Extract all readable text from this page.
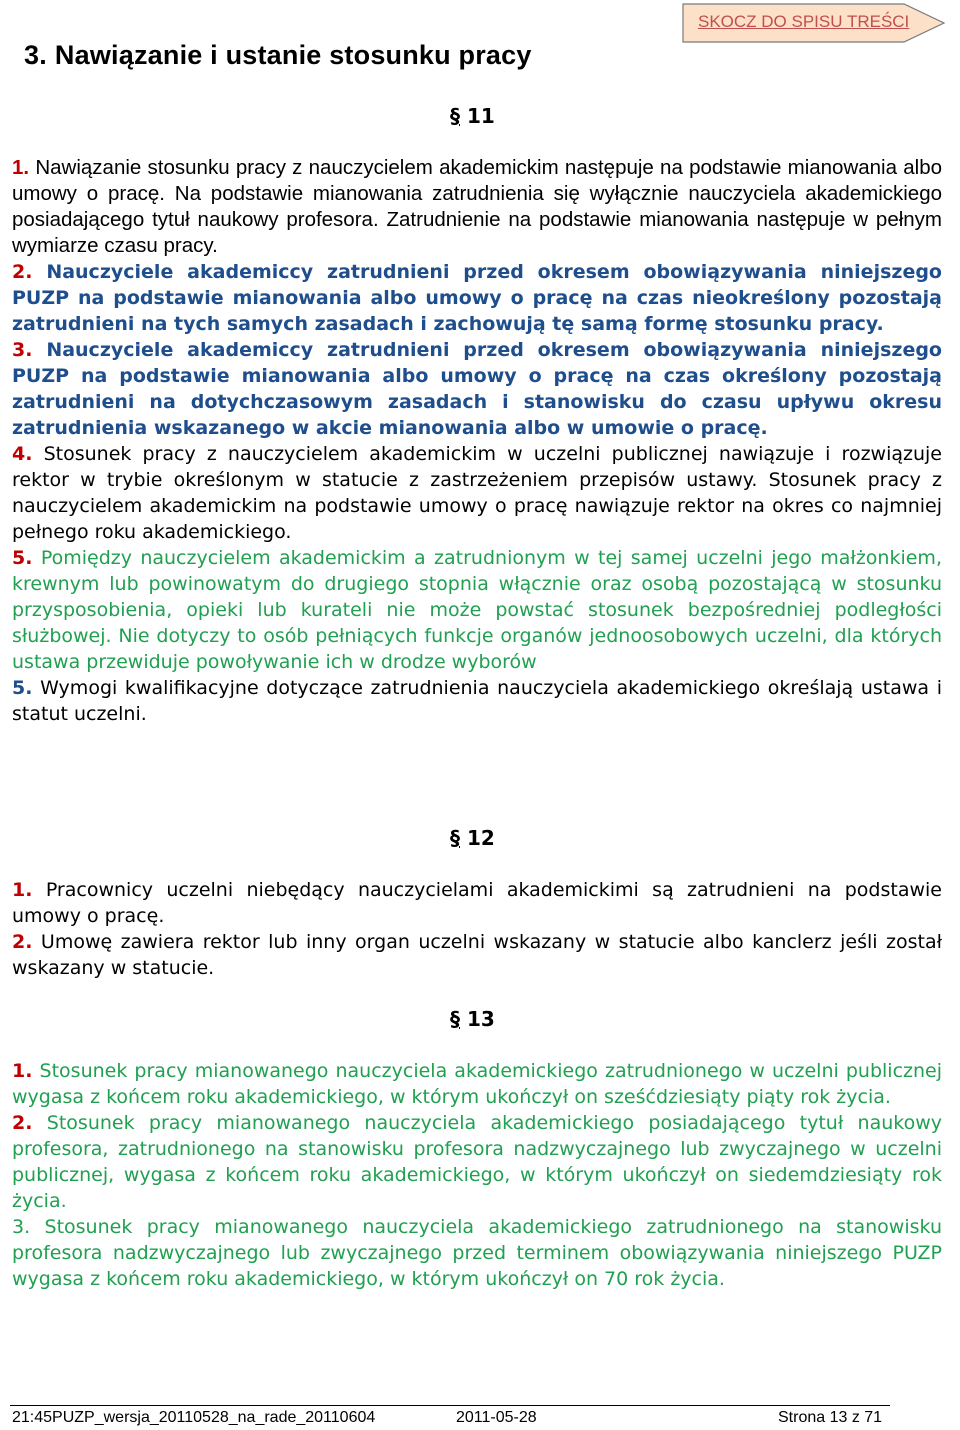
3. Nawiązanie i ustanie stosunku pracy
SKOCZ DO SPISU TREŚCI
§ 11

1. Nawiązanie stosunku pracy z nauczycielem akademickim następuje na podstawie mianowania albo umowy o pracę. Na podstawie mianowania zatrudnienia się wyłącznie nauczyciela akademickiego posiadającego tytuł naukowy profesora. Zatrudnienie na podstawie mianowania następuje w pełnym wymiarze czasu pracy.

2. Nauczyciele akademiccy zatrudnieni przed okresem obowiązywania niniejszego PUZP na podstawie mianowania albo umowy o pracę na czas nieokreślony pozostają zatrudnieni na tych samych zasadach i zachowują tę samą formę stosunku pracy.

3. Nauczyciele akademiccy zatrudnieni przed okresem obowiązywania niniejszego PUZP na podstawie mianowania albo umowy o pracę na czas określony pozostają zatrudnieni na dotychczasowym zasadach i stanowisku do czasu upływu okresu zatrudnienia wskazanego w akcie mianowania albo w umowie o pracę.

4. Stosunek pracy z nauczycielem akademickim w uczelni publicznej nawiązuje i rozwiązuje rektor w trybie określonym w statucie z zastrzeżeniem przepisów ustawy. Stosunek pracy z nauczycielem akademickim na podstawie umowy o pracę nawiązuje rektor na okres co najmniej pełnego roku akademickiego.

5. Pomiędzy nauczycielem akademickim a zatrudnionym w tej samej uczelni jego małżonkiem, krewnym lub powinowatym do drugiego stopnia włącznie oraz osobą pozostającą w stosunku przysposobienia, opieki lub kurateli nie może powstać stosunek bezpośredniej podległości służbowej. Nie dotyczy to osób pełniących funkcje organów jednoosobowych uczelni, dla których ustawa przewiduje powoływanie ich w drodze wyborów

5. Wymogi kwalifikacyjne dotyczące zatrudnienia nauczyciela akademickiego określają ustawa i statut uczelni.

§ 12

1. Pracownicy uczelni niebędący nauczycielami akademickimi są zatrudnieni na podstawie umowy o pracę.

2. Umowę zawiera rektor lub inny organ uczelni wskazany w statucie albo kanclerz jeśli został wskazany w statucie.

§ 13

1. Stosunek pracy mianowanego nauczyciela akademickiego zatrudnionego w uczelni publicznej wygasa z końcem roku akademickiego, w którym ukończył on sześćdziesiąty piąty rok życia.

2. Stosunek pracy mianowanego nauczyciela akademickiego posiadającego tytuł naukowy profesora, zatrudnionego na stanowisku profesora nadzwyczajnego lub zwyczajnego w uczelni publicznej, wygasa z końcem roku akademickiego, w którym ukończył on siedemdziesiąty rok życia.

3. Stosunek pracy mianowanego nauczyciela akademickiego zatrudnionego na stanowisku profesora nadzwyczajnego lub zwyczajnego przed terminem obowiązywania niniejszego PUZP wygasa z końcem roku akademickiego, w którym ukończył on 70 rok życia.

21:45PUZP_wersja_20110528_na_rade_20110604	2011-05-28	Strona 13 z 71
